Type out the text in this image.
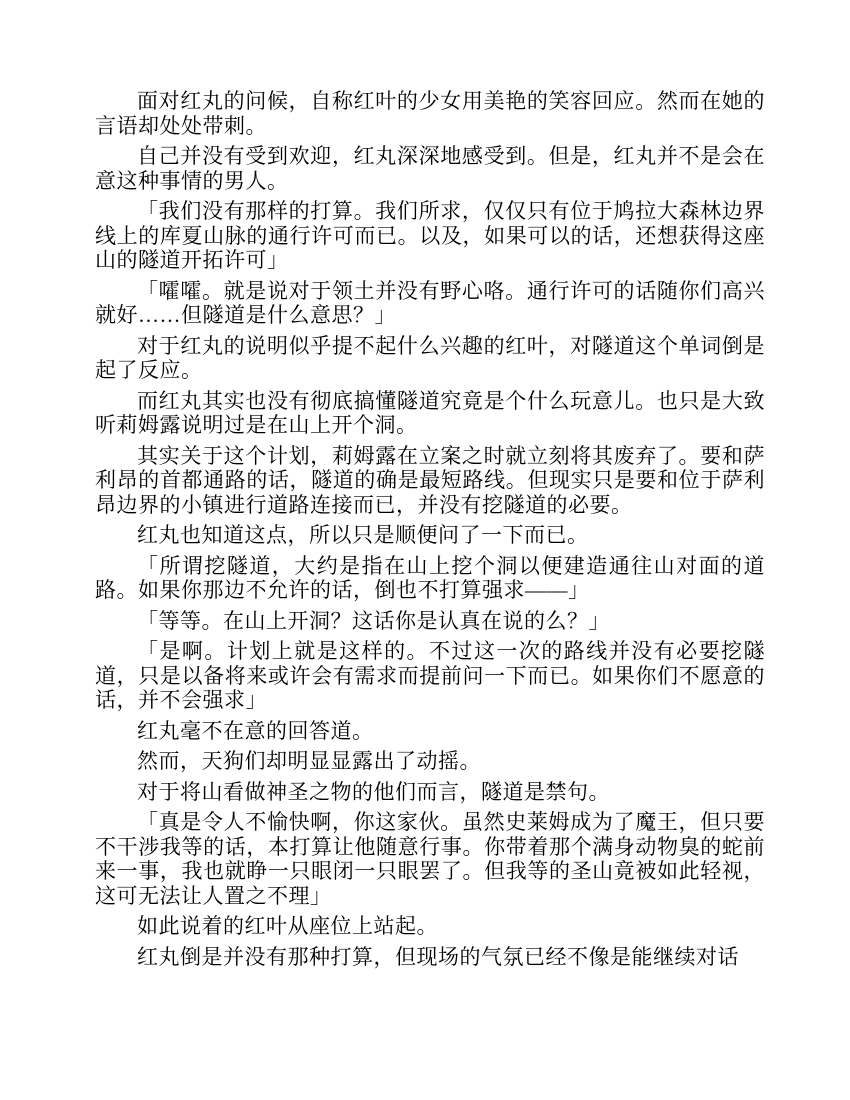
面对红丸的问候，自称红叶的少女用美艳的笑容回应。然而在她的言语却处处带刺。

自己并没有受到欢迎，红丸深深地感受到。但是，红丸并不是会在意这种事情的男人。

「我们没有那样的打算。我们所求，仅仅只有位于鸠拉大森林边界线上的库夏山脉的通行许可而已。以及，如果可以的话，还想获得这座山的隧道开拓许可」

「嚯嚯。就是说对于领土并没有野心咯。通行许可的话随你们高兴就好……但隧道是什么意思？」

对于红丸的说明似乎提不起什么兴趣的红叶，对隧道这个单词倒是起了反应。

而红丸其实也没有彻底搞懂隧道究竟是个什么玩意儿。也只是大致听莉姆露说明过是在山上开个洞。

其实关于这个计划，莉姆露在立案之时就立刻将其废弃了。要和萨利昂的首都通路的话，隧道的确是最短路线。但现实只是要和位于萨利昂边界的小镇进行道路连接而已，并没有挖隧道的必要。

红丸也知道这点，所以只是顺便问了一下而已。

「所谓挖隧道，大约是指在山上挖个洞以便建造通往山对面的道路。如果你那边不允许的话，倒也不打算强求——」

「等等。在山上开洞？这话你是认真在说的么？」

「是啊。计划上就是这样的。不过这一次的路线并没有必要挖隧道，只是以备将来或许会有需求而提前问一下而已。如果你们不愿意的话，并不会强求」

红丸毫不在意的回答道。

然而，天狗们却明显显露出了动摇。

对于将山看做神圣之物的他们而言，隧道是禁句。

「真是令人不愉快啊，你这家伙。虽然史莱姆成为了魔王，但只要不干涉我等的话，本打算让他随意行事。你带着那个满身动物臭的蛇前来一事，我也就睁一只眼闭一只眼罢了。但我等的圣山竟被如此轻视，这可无法让人置之不理」

如此说着的红叶从座位上站起。

红丸倒是并没有那种打算，但现场的气氛已经不像是能继续对话
